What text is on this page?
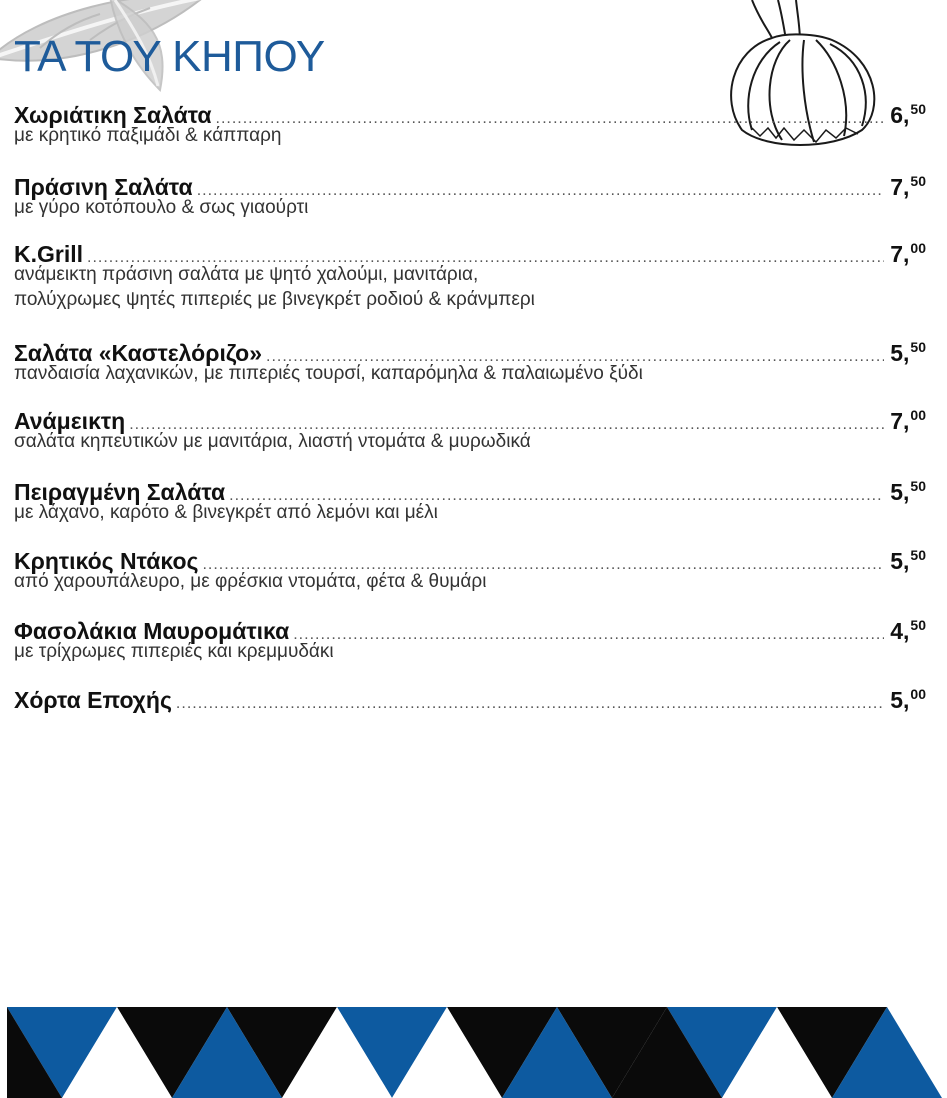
ΤΑ ΤΟΥ ΚΗΠΟΥ
Χωριάτικη Σαλάτα .....	6,50
με κρητικό παξιμάδι & κάππαρη
Πράσινη Σαλάτα .....	7,50
με γύρο κοτόπουλο & σως γιαούρτι
K.Grill .....	7,00
ανάμεικτη πράσινη σαλάτα με ψητό χαλούμι, μανιτάρια,
πολύχρωμες ψητές πιπεριές με βινεγκρέτ ροδιού & κράνμπερι
Σαλάτα «Καστελόριζο» .....	5,50
πανδαισία λαχανικών, με πιπεριές τουρσί, καπαρόμηλα & παλαιωμένο ξύδι
Ανάμεικτη .....	7,00
σαλάτα κηπευτικών με μανιτάρια, λιαστή ντομάτα & μυρωδικά
Πειραγμένη Σαλάτα .....	5,50
με λάχανο, καρότο & βινεγκρέτ από λεμόνι και μέλι
Κρητικός Ντάκος .....	5,50
από χαρουπάλευρο, με φρέσκια ντομάτα, φέτα & θυμάρι
Φασολάκια Μαυρομάτικα .....	4,50
με τρίχρωμες πιπεριές και κρεμμυδάκι
Χόρτα Εποχής .....	5,00
